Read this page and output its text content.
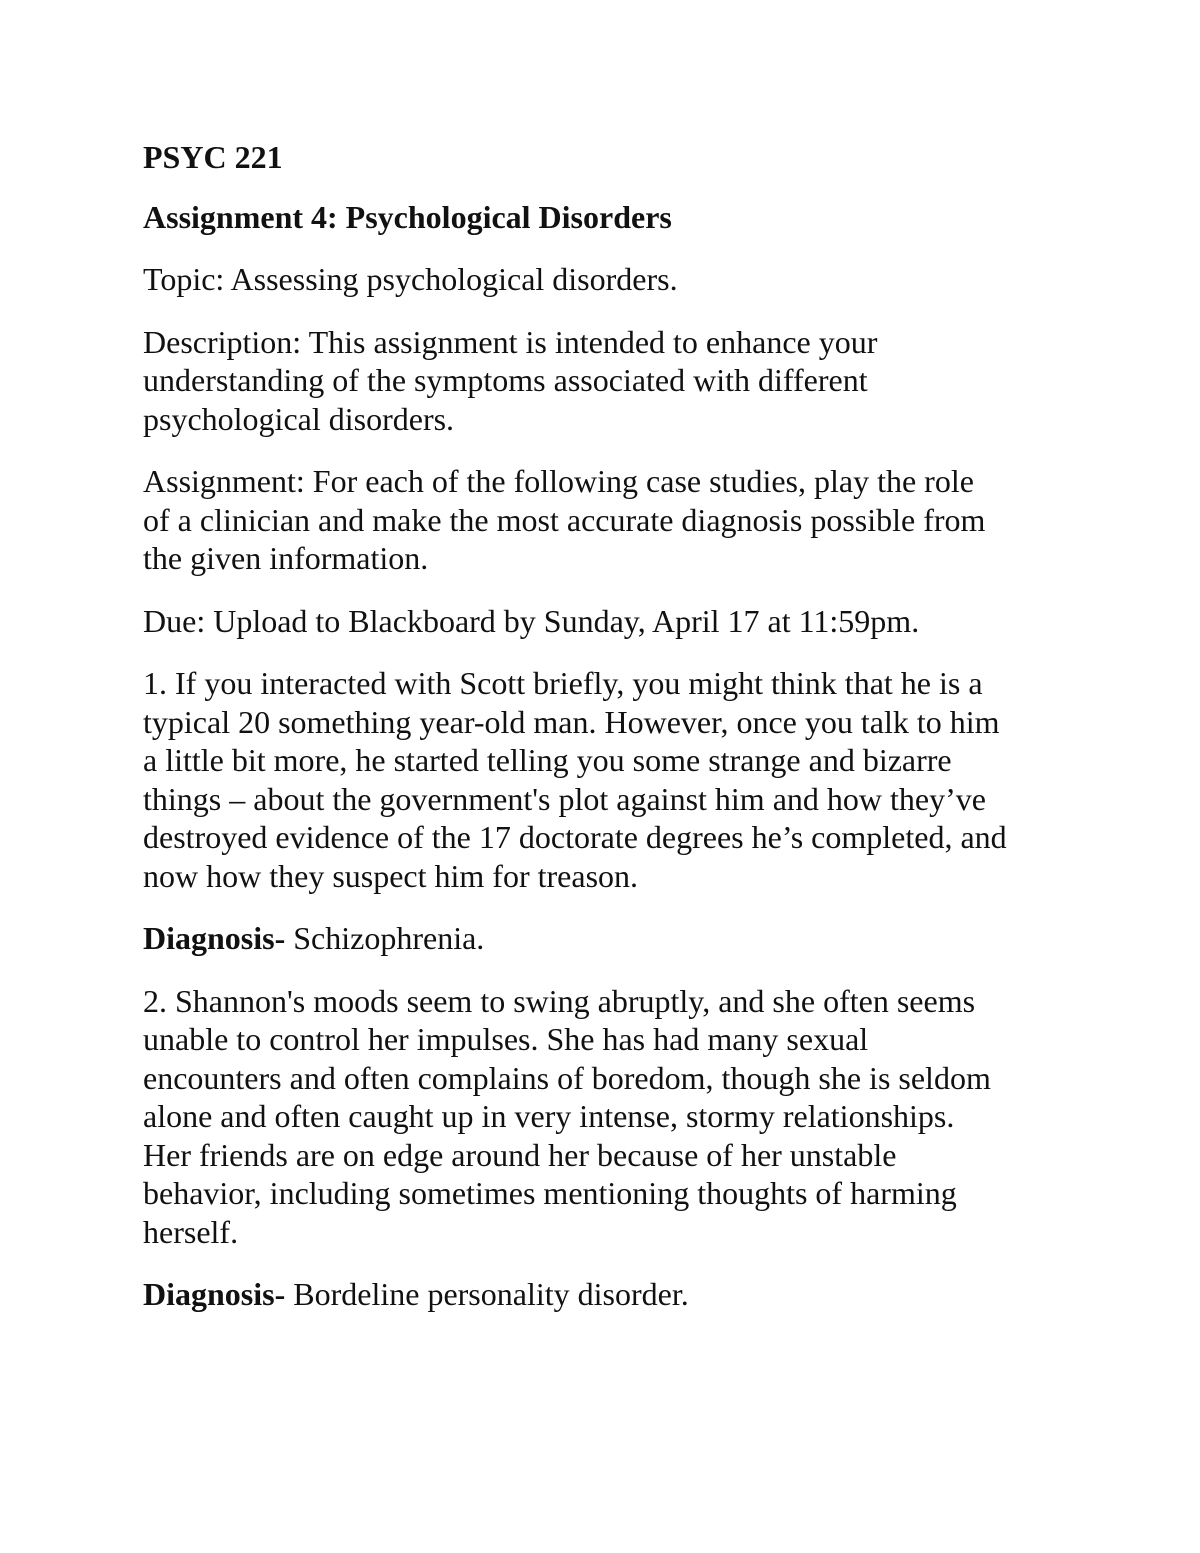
PSYC 221

Assignment 4: Psychological Disorders

Topic: Assessing psychological disorders.

Description: This assignment is intended to enhance your
understanding of the symptoms associated with different
psychological disorders.

Assignment: For each of the following case studies, play the role
of a clinician and make the most accurate diagnosis possible from
the given information.

Due: Upload to Blackboard by Sunday, April 17 at 11:59pm.

1. If you interacted with Scott briefly, you might think that he is a
typical 20 something year-old man. However, once you talk to him
a little bit more, he started telling you some strange and bizarre
things – about the government's plot against him and how they’ve
destroyed evidence of the 17 doctorate degrees he’s completed, and
now how they suspect him for treason.

Diagnosis- Schizophrenia.

2. Shannon's moods seem to swing abruptly, and she often seems
unable to control her impulses. She has had many sexual
encounters and often complains of boredom, though she is seldom
alone and often caught up in very intense, stormy relationships.
Her friends are on edge around her because of her unstable
behavior, including sometimes mentioning thoughts of harming
herself.

Diagnosis- Bordeline personality disorder.
